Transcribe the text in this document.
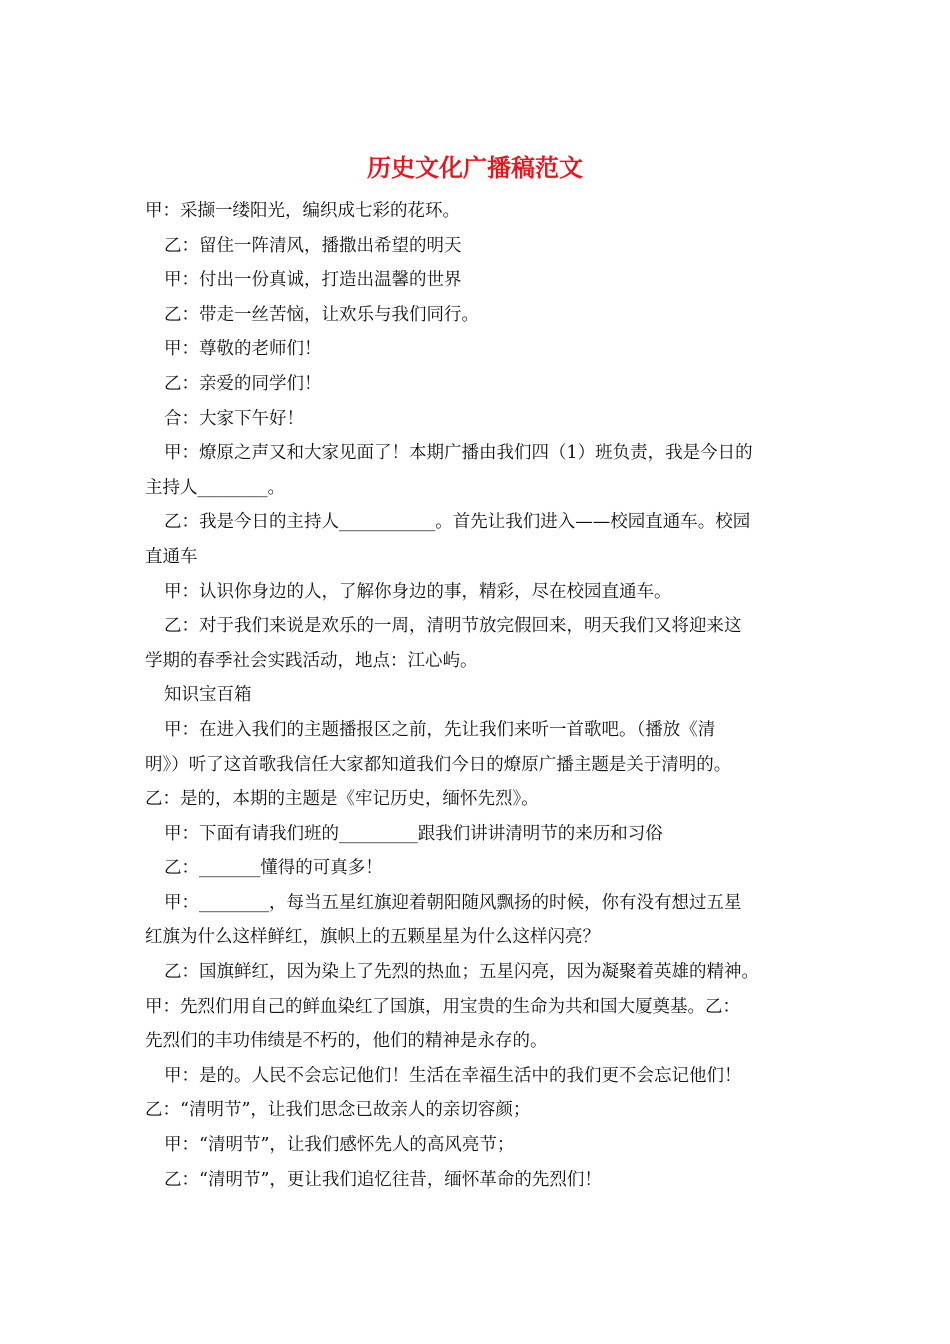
历史文化广播稿范文

甲：采撷一缕阳光，编织成七彩的花环。

乙：留住一阵清风，播撒出希望的明天

甲：付出一份真诚，打造出温馨的世界

乙：带走一丝苦恼，让欢乐与我们同行。

甲：尊敬的老师们！

乙：亲爱的同学们！

合：大家下午好！

甲：燎原之声又和大家见面了！本期广播由我们四（1）班负责，我是今日的

主持人________。

乙：我是今日的主持人___________。首先让我们进入——校园直通车。校园

直通车

甲：认识你身边的人，了解你身边的事，精彩，尽在校园直通车。

乙：对于我们来说是欢乐的一周，清明节放完假回来，明天我们又将迎来这

学期的春季社会实践活动，地点：江心屿。

知识宝百箱

甲：在进入我们的主题播报区之前，先让我们来听一首歌吧。（播放《清

明》）听了这首歌我信任大家都知道我们今日的燎原广播主题是关于清明的。

乙：是的，本期的主题是《牢记历史，缅怀先烈》。

甲：下面有请我们班的_________跟我们讲讲清明节的来历和习俗

乙：_______懂得的可真多！

甲：________，每当五星红旗迎着朝阳随风飘扬的时候，你有没有想过五星

红旗为什么这样鲜红，旗帜上的五颗星星为什么这样闪亮？

乙：国旗鲜红，因为染上了先烈的热血；五星闪亮，因为凝聚着英雄的精神。

甲：先烈们用自己的鲜血染红了国旗，用宝贵的生命为共和国大厦奠基。乙：

先烈们的丰功伟绩是不朽的，他们的精神是永存的。

甲：是的。人民不会忘记他们！生活在幸福生活中的我们更不会忘记他们！

乙：“清明节”，让我们思念已故亲人的亲切容颜；

甲：“清明节”，让我们感怀先人的高风亮节；

乙：“清明节”，更让我们追忆往昔，缅怀革命的先烈们！
